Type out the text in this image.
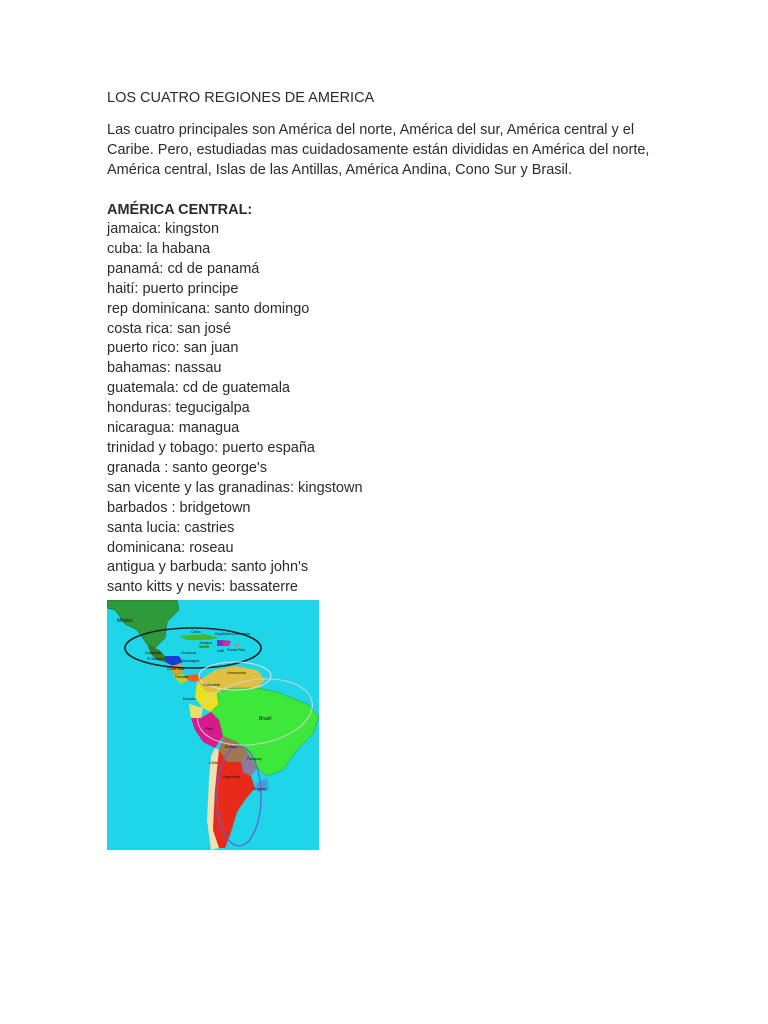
LOS CUATRO REGIONES DE AMERICA

Las cuatro principales son América del norte, América del sur, América central y el Caribe. Pero, estudiadas mas cuidadosamente están divididas en América del norte, América central, Islas de las Antillas, América Andina, Cono Sur y Brasil.

AMÉRICA CENTRAL:

jamaica: kingston
cuba: la habana
panamá: cd de panamá
haití: puerto principe
rep dominicana: santo domingo
costa rica: san josé
puerto rico: san juan
bahamas: nassau
guatemala: cd de guatemala
honduras: tegucigalpa
nicaragua: managua
trinidad y tobago: puerto españa
granada : santo george's
san vicente y las granadinas: kingstown
barbados : bridgetown
santa lucia: castries
dominicana: roseau
antigua y barbuda: santo john's
santo kitts y nevis: bassaterre
México
Cuba	República Dominicana
Jamaica
Haití Puerto Rico
Guatemala	Honduras
El Salvador	Nicaragua
Costa Rica
Panamá
Venezuela
Colombia
Ecuador
Perú
Brasil
Bolivia
Paraguay
Chile
Argentina
Uruguay
